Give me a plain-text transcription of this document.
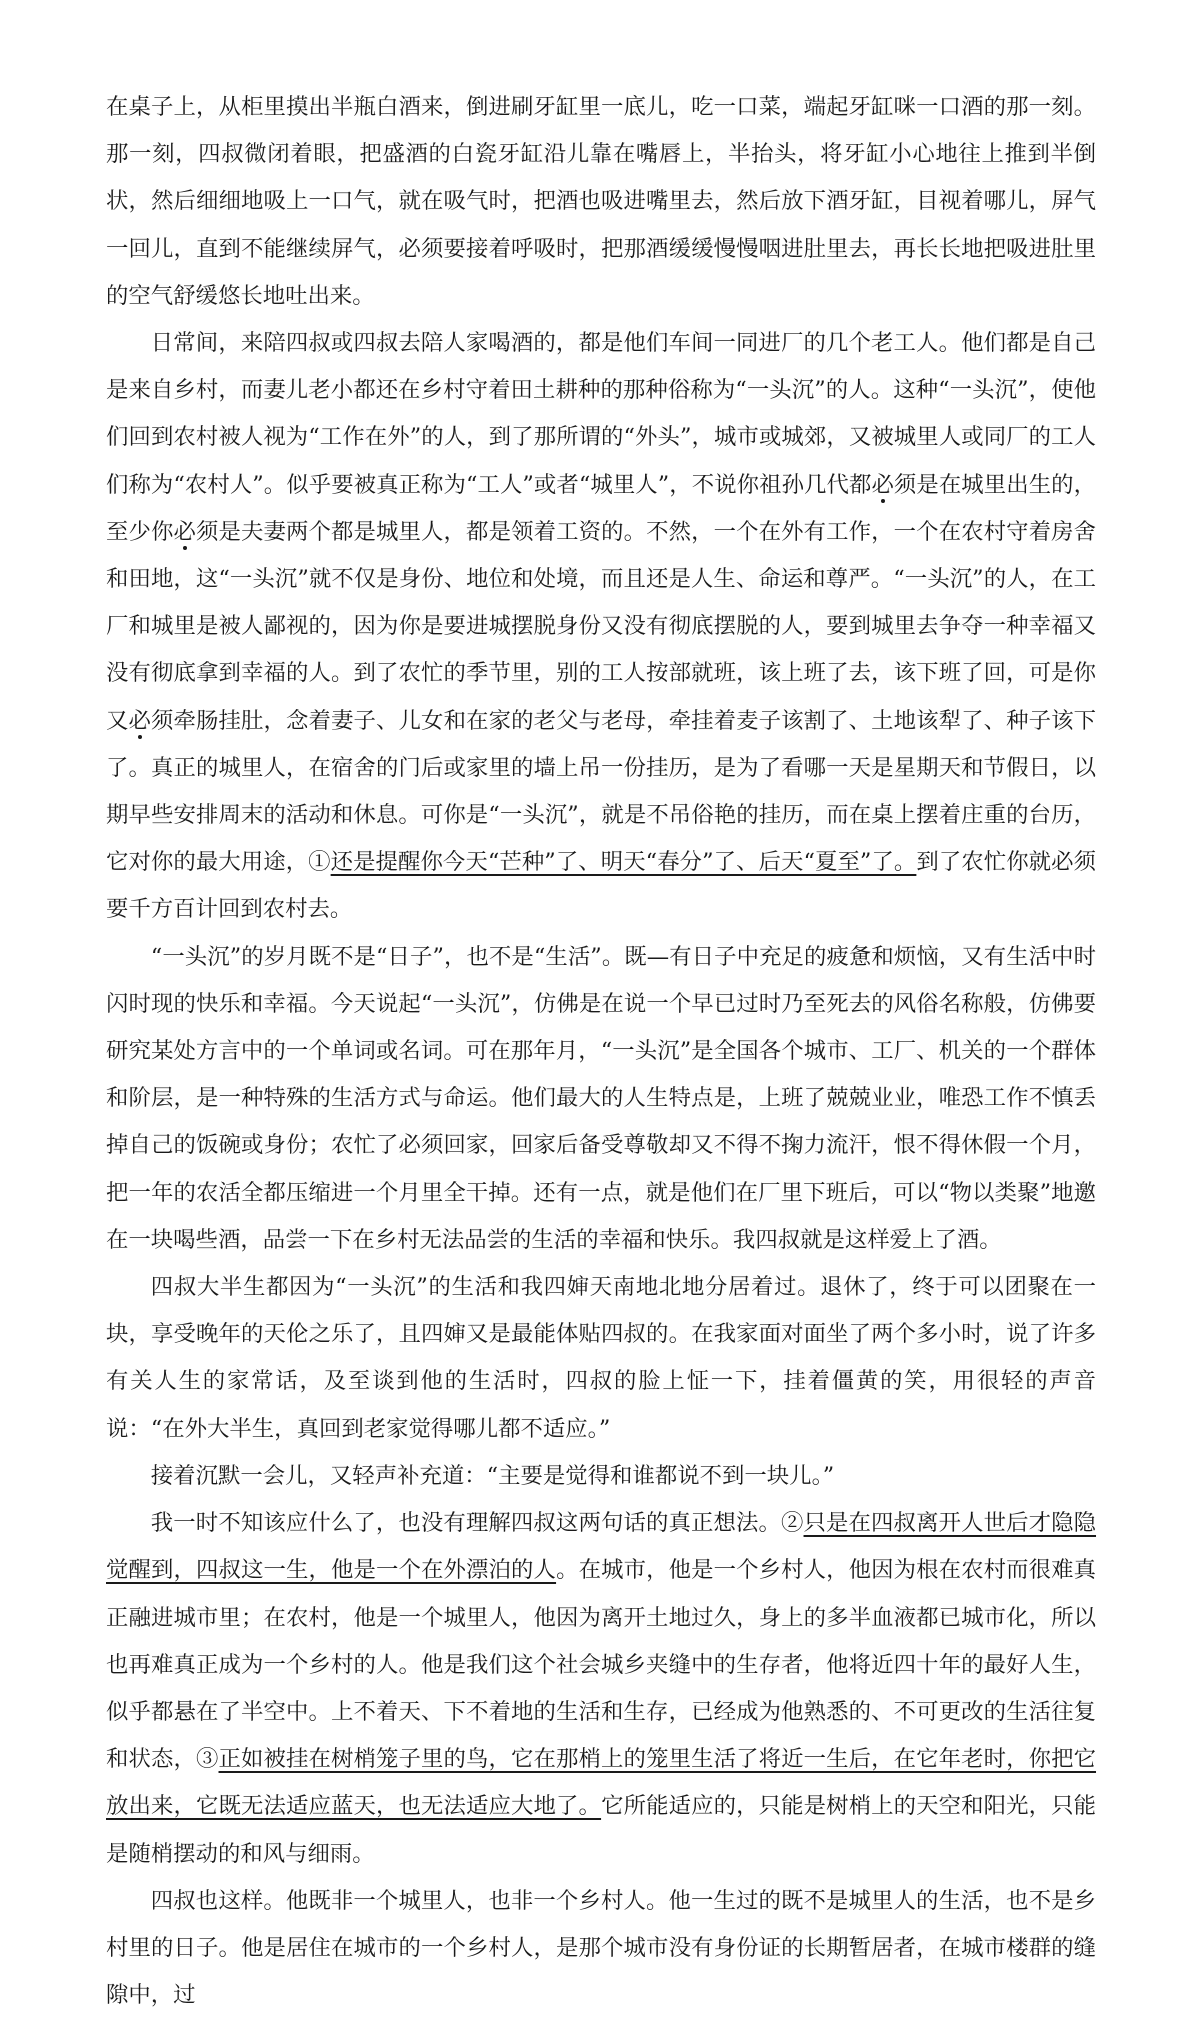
在桌子上，从柜里摸出半瓶白酒来，倒进刷牙缸里一底儿，吃一口菜，端起牙缸咪一口酒的那一刻。那一刻，四叔微闭着眼，把盛酒的白瓷牙缸沿儿靠在嘴唇上，半抬头，将牙缸小心地往上推到半倒状，然后细细地吸上一口气，就在吸气时，把酒也吸进嘴里去，然后放下酒牙缸，目视着哪儿，屏气一回儿，直到不能继续屏气，必须要接着呼吸时，把那酒缓缓慢慢咽进肚里去，再长长地把吸进肚里的空气舒缓悠长地吐出来。

日常间，来陪四叔或四叔去陪人家喝酒的，都是他们车间一同进厂的几个老工人。他们都是自己是来自乡村，而妻儿老小都还在乡村守着田土耕种的那种俗称为“一头沉”的人。这种“一头沉”，使他们回到农村被人视为“工作在外”的人，到了那所谓的“外头”，城市或城郊，又被城里人或同厂的工人们称为“农村人”。似乎要被真正称为“工人”或者“城里人”，不说你祖孙几代都必须是在城里出生的，至少你必须是夫妻两个都是城里人，都是领着工资的。不然，一个在外有工作，一个在农村守着房舍和田地，这“一头沉”就不仅是身份、地位和处境，而且还是人生、命运和尊严。“一头沉”的人，在工厂和城里是被人鄙视的，因为你是要进城摆脱身份又没有彻底摆脱的人，要到城里去争夺一种幸福又没有彻底拿到幸福的人。到了农忙的季节里，别的工人按部就班，该上班了去，该下班了回，可是你又必须牵肠挂肚，念着妻子、儿女和在家的老父与老母，牵挂着麦子该割了、土地该犁了、种子该下了。真正的城里人，在宿舍的门后或家里的墙上吊一份挂历，是为了看哪一天是星期天和节假日，以期早些安排周末的活动和休息。可你是“一头沉”，就是不吊俗艳的挂历，而在桌上摆着庄重的台历，它对你的最大用途，①还是提醒你今天“芒种”了、明天“春分”了、后天“夏至”了。到了农忙你就必须要千方百计回到农村去。

“一头沉”的岁月既不是“日子”，也不是“生活”。既—有日子中充足的疲惫和烦恼，又有生活中时闪时现的快乐和幸福。今天说起“一头沉”，仿佛是在说一个早已过时乃至死去的风俗名称般，仿佛要研究某处方言中的一个单词或名词。可在那年月，“一头沉”是全国各个城市、工厂、机关的一个群体和阶层，是一种特殊的生活方式与命运。他们最大的人生特点是，上班了兢兢业业，唯恐工作不慎丢掉自己的饭碗或身份；农忙了必须回家，回家后备受尊敬却又不得不掬力流汗，恨不得休假一个月，把一年的农活全都压缩进一个月里全干掉。还有一点，就是他们在厂里下班后，可以“物以类聚”地邀在一块喝些酒，品尝一下在乡村无法品尝的生活的幸福和快乐。我四叔就是这样爱上了酒。

四叔大半生都因为“一头沉”的生活和我四婶天南地北地分居着过。退休了，终于可以团聚在一块，享受晚年的天伦之乐了，且四婶又是最能体贴四叔的。在我家面对面坐了两个多小时，说了许多有关人生的家常话，及至谈到他的生活时，四叔的脸上怔一下，挂着僵黄的笑，用很轻的声音说：“在外大半生，真回到老家觉得哪儿都不适应。”

接着沉默一会儿，又轻声补充道：“主要是觉得和谁都说不到一块儿。”

我一时不知该应什么了，也没有理解四叔这两句话的真正想法。②只是在四叔离开人世后才隐隐觉醒到，四叔这一生，他是一个在外漂泊的人。在城市，他是一个乡村人，他因为根在农村而很难真正融进城市里；在农村，他是一个城里人，他因为离开土地过久，身上的多半血液都已城市化，所以也再难真正成为一个乡村的人。他是我们这个社会城乡夹缝中的生存者，他将近四十年的最好人生，似乎都悬在了半空中。上不着天、下不着地的生活和生存，已经成为他熟悉的、不可更改的生活往复和状态，③正如被挂在树梢笼子里的鸟，它在那梢上的笼里生活了将近一生后，在它年老时，你把它放出来，它既无法适应蓝天，也无法适应大地了。它所能适应的，只能是树梢上的天空和阳光，只能是随梢摆动的和风与细雨。

四叔也这样。他既非一个城里人，也非一个乡村人。他一生过的既不是城里人的生活，也不是乡村里的日子。他是居住在城市的一个乡村人，是那个城市没有身份证的长期暂居者，在城市楼群的缝隙中，过
